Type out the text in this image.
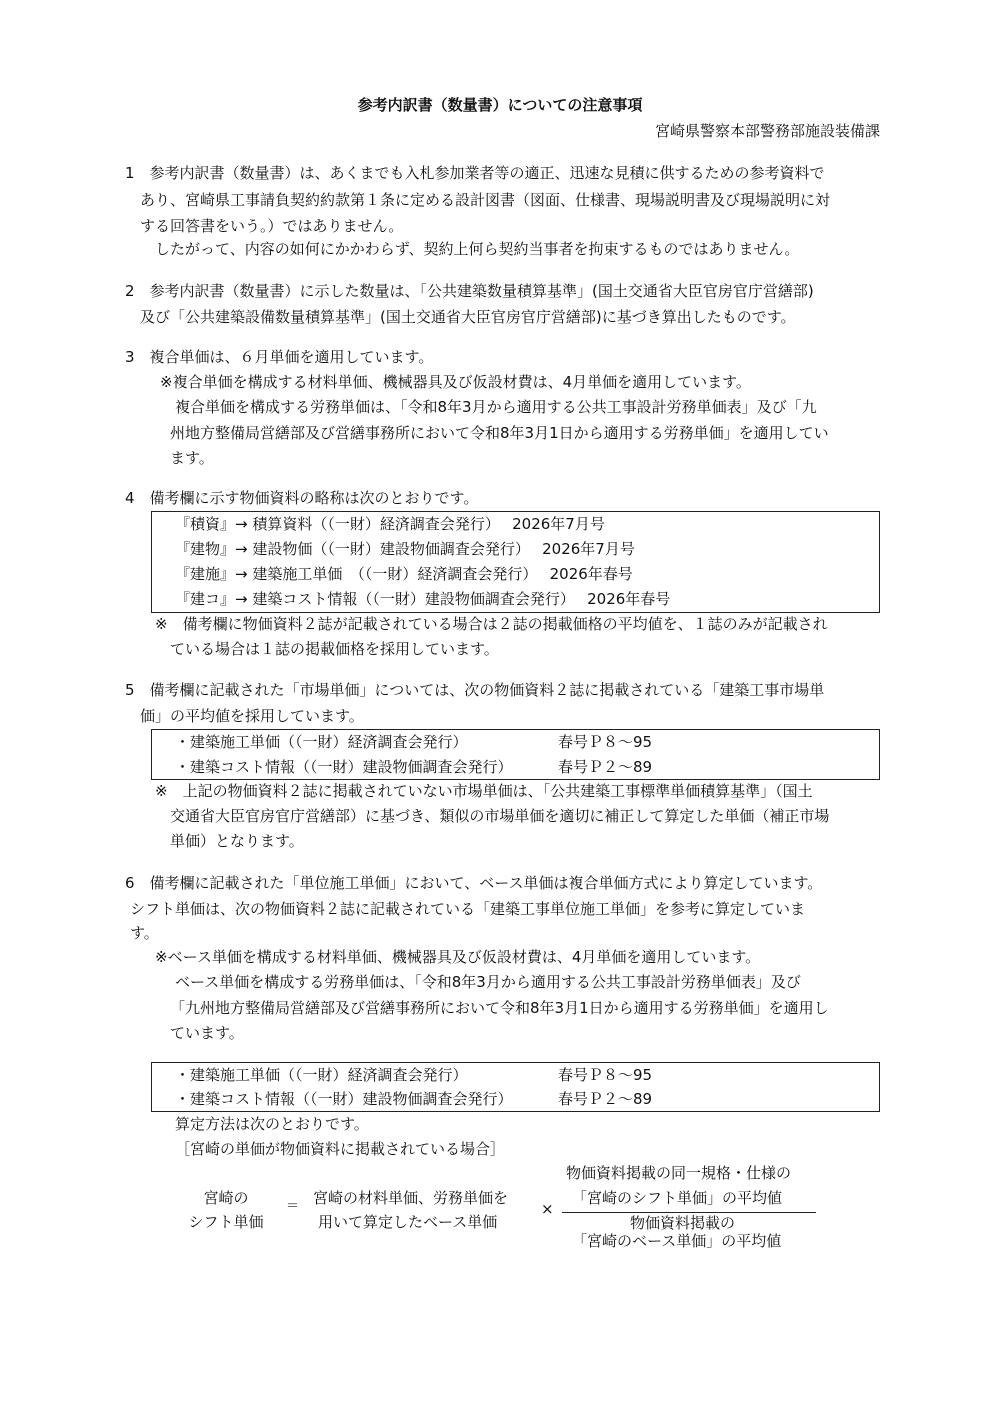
参考内訳書（数量書）についての注意事項
宮崎県警察本部警務部施設装備課
1　参考内訳書（数量書）は、あくまでも入札参加業者等の適正、迅速な見積に供するための参考資料で
あり、宮崎県工事請負契約約款第１条に定める設計図書（図面、仕様書、現場説明書及び現場説明に対
する回答書をいう。）ではありません。
したがって、内容の如何にかかわらず、契約上何ら契約当事者を拘束するものではありません。
2　参考内訳書（数量書）に示した数量は、「公共建築数量積算基準」(国土交通省大臣官房官庁営繕部)
及び「公共建築設備数量積算基準」(国土交通省大臣官房官庁営繕部)に基づき算出したものです。
3　複合単価は、６月単価を適用しています。
※複合単価を構成する材料単価、機械器具及び仮設材費は、4月単価を適用しています。
複合単価を構成する労務単価は、「令和8年3月から適用する公共工事設計労務単価表」及び「九
州地方整備局営繕部及び営繕事務所において令和8年3月1日から適用する労務単価」を適用してい
ます。
4　備考欄に示す物価資料の略称は次のとおりです。
『積資』→ 積算資料（（一財）経済調査会発行）　 2026年7月号
『建物』→ 建設物価（（一財）建設物価調査会発行）　 2026年7月号
『建施』→ 建築施工単価　（（一財）経済調査会発行）　 2026年春号
『建コ』→ 建築コスト情報（（一財）建設物価調査会発行）　 2026年春号
※　備考欄に物価資料２誌が記載されている場合は２誌の掲載価格の平均値を、１誌のみが記載され
ている場合は１誌の掲載価格を採用しています。
5　備考欄に記載された「市場単価」については、次の物価資料２誌に掲載されている「建築工事市場単
価」の平均値を採用しています。
・建築施工単価（（一財）経済調査会発行）	春号Ｐ８～95
・建築コスト情報（（一財）建設物価調査会発行）	春号Ｐ２～89
※　上記の物価資料２誌に掲載されていない市場単価は、「公共建築工事標準単価積算基準」（国土
交通省大臣官房官庁営繕部）に基づき、類似の市場単価を適切に補正して算定した単価（補正市場
単価）となります。
6　備考欄に記載された「単位施工単価」において、ベース単価は複合単価方式により算定しています。
シフト単価は、次の物価資料２誌に記載されている「建築工事単位施工単価」を参考に算定していま
す。
※ベース単価を構成する材料単価、機械器具及び仮設材費は、4月単価を適用しています。
ベース単価を構成する労務単価は、「令和8年3月から適用する公共工事設計労務単価表」及び
「九州地方整備局営繕部及び営繕事務所において令和8年3月1日から適用する労務単価」を適用し
ています。
・建築施工単価（（一財）経済調査会発行）	春号Ｐ８～95
・建築コスト情報（（一財）建設物価調査会発行）	春号Ｐ２～89
算定方法は次のとおりです。
［宮崎の単価が物価資料に掲載されている場合］
宮崎の
シフト単価
＝ 宮崎の材料単価、労務単価を
用いて算定したベース単価
×
物価資料掲載の同一規格・仕様の
「宮崎のシフト単価」の平均値
物価資料掲載の
「宮崎のベース単価」の平均値
